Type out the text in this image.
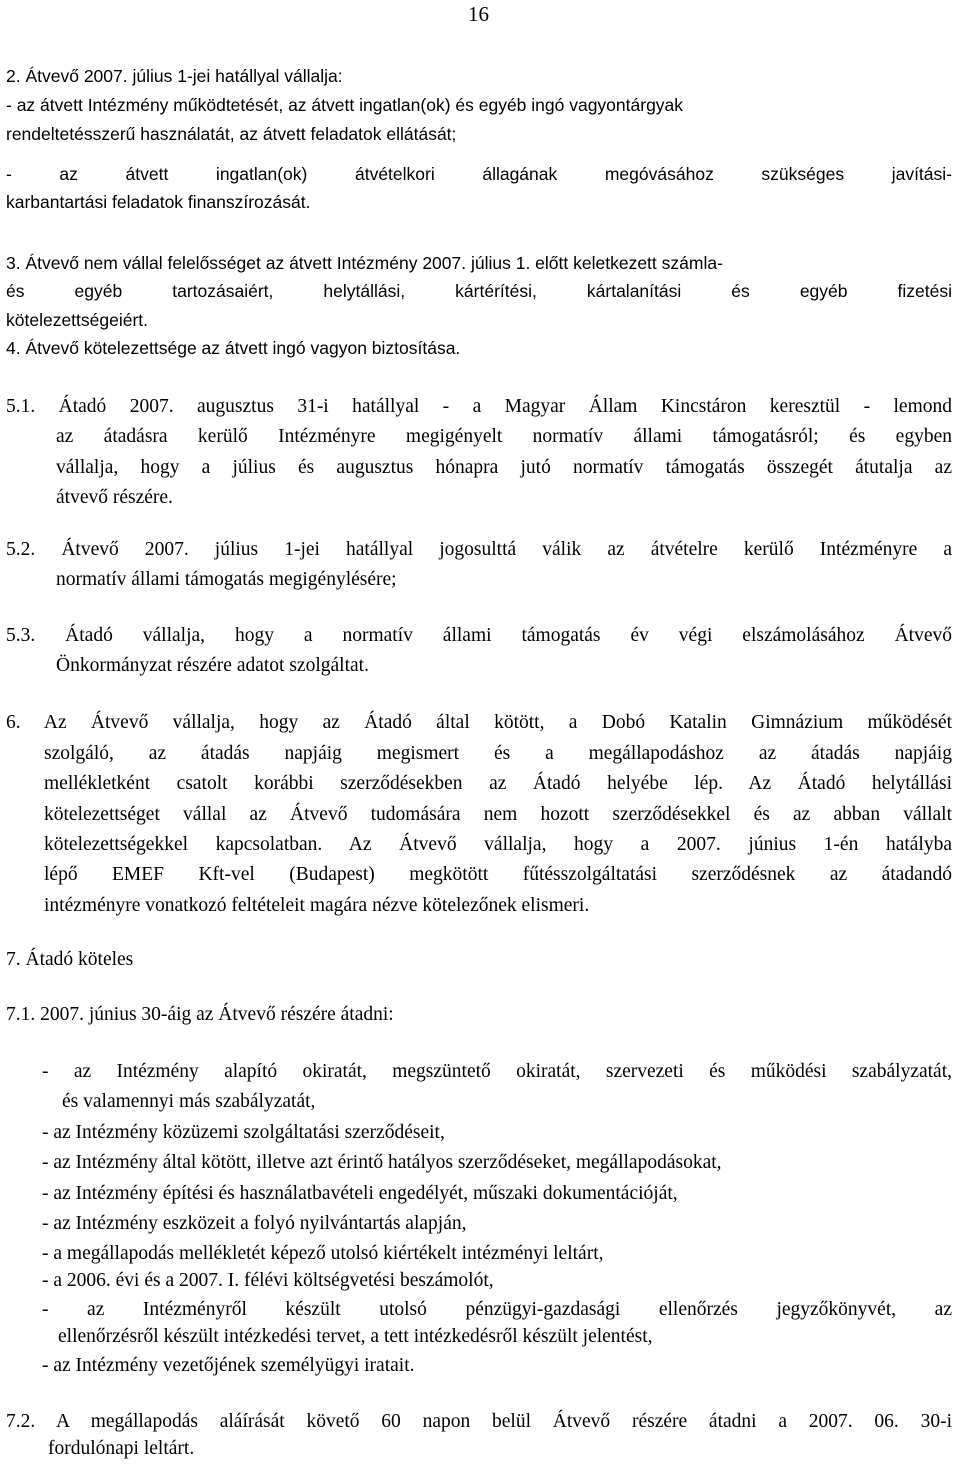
16
2. Átvevő 2007. július 1-jei hatállyal vállalja:
- az átvett Intézmény működtetését, az átvett ingatlan(ok) és egyéb ingó vagyontárgyak
rendeltetésszerű használatát, az átvett feladatok ellátását;
- az átvett ingatlan(ok) átvételkori állagának megóvásához szükséges javítási-
karbantartási feladatok finanszírozását.
3. Átvevő nem vállal felelősséget az átvett Intézmény 2007. július 1. előtt keletkezett számla-
és egyéb tartozásaiért, helytállási, kártérítési, kártalanítási és egyéb fizetési
kötelezettségeiért.
4. Átvevő kötelezettsége az átvett ingó vagyon biztosítása.
5.1. Átadó 2007. augusztus 31-i hatállyal - a Magyar Állam Kincstáron keresztül - lemond
az átadásra kerülő Intézményre megigényelt normatív állami támogatásról; és egyben
vállalja, hogy a július és augusztus hónapra jutó normatív támogatás összegét átutalja az
átvevő részére.
5.2. Átvevő 2007. július 1-jei hatállyal jogosulttá válik az átvételre kerülő Intézményre a
normatív állami támogatás megigénylésére;
5.3. Átadó vállalja, hogy a normatív állami támogatás év végi elszámolásához Átvevő
Önkormányzat részére adatot szolgáltat.
6. Az Átvevő vállalja, hogy az Átadó által kötött, a Dobó Katalin Gimnázium működését
szolgáló, az átadás napjáig megismert és a megállapodáshoz az átadás napjáig
mellékletként csatolt korábbi szerződésekben az Átadó helyébe lép. Az Átadó helytállási
kötelezettséget vállal az Átvevő tudomására nem hozott szerződésekkel és az abban vállalt
kötelezettségekkel kapcsolatban. Az Átvevő vállalja, hogy a 2007. június 1-én hatályba
lépő EMEF Kft-vel (Budapest) megkötött fűtésszolgáltatási szerződésnek az átadandó
intézményre vonatkozó feltételeit magára nézve kötelezőnek elismeri.
7. Átadó köteles
7.1. 2007. június 30-áig az Átvevő részére átadni:
- az Intézmény alapító okiratát, megszüntető okiratát, szervezeti és működési szabályzatát,
és valamennyi más szabályzatát,
- az Intézmény közüzemi szolgáltatási szerződéseit,
- az Intézmény által kötött, illetve azt érintő hatályos szerződéseket, megállapodásokat,
- az Intézmény építési és használatbavételi engedélyét, műszaki dokumentációját,
- az Intézmény eszközeit a folyó nyilvántartás alapján,
- a megállapodás mellékletét képező utolsó kiértékelt intézményi leltárt,
- a 2006. évi és a 2007. I. félévi költségvetési beszámolót,
- az Intézményről készült utolsó pénzügyi-gazdasági ellenőrzés jegyzőkönyvét, az
ellenőrzésről készült intézkedési tervet, a tett intézkedésről készült jelentést,
- az Intézmény vezetőjének személyügyi iratait.
7.2. A megállapodás aláírását követő 60 napon belül Átvevő részére átadni a 2007. 06. 30-i
fordulónapi leltárt.
